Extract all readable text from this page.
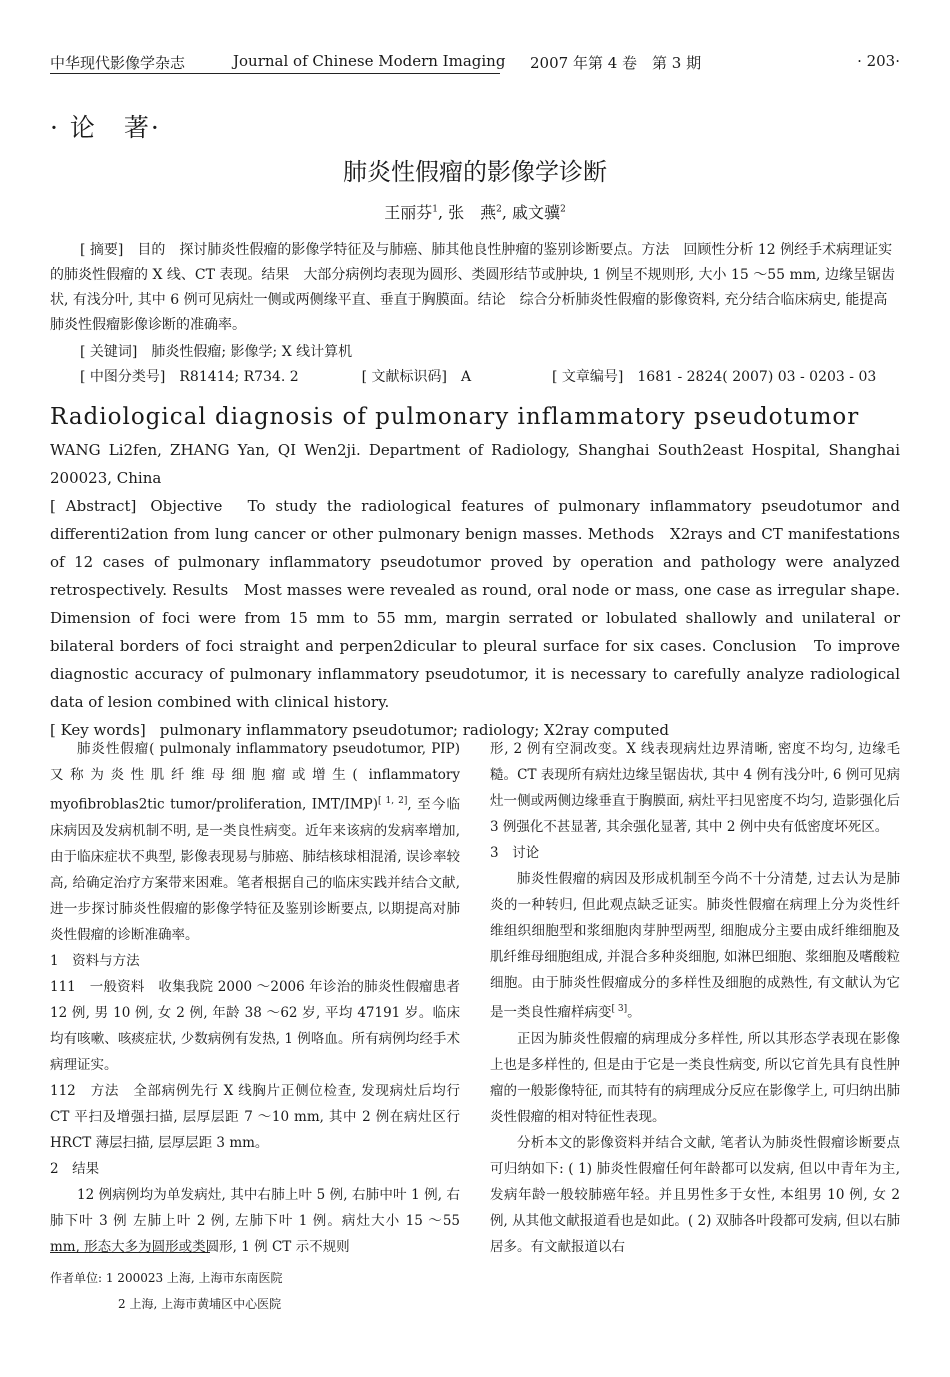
中华现代影像学杂志	Journal of Chinese Modern Imaging 2007 年第 4 卷　第 3 期	· 203·
· 论　著·
肺炎性假瘤的影像学诊断
王丽芬$^1$, 张　燕$^2$, 戚文骥$^2$

[ 摘要] 目的　探讨肺炎性假瘤的影像学特征及与肺癌、肺其他良性肿瘤的鉴别诊断要点。方法　回顾性分析 12 例经手术病理证实的肺炎性假瘤的 X 线、CT 表现。结果　大部分病例均表现为圆形、类圆形结节或肿块, 1 例呈不规则形, 大小 15 ～55 mm, 边缘呈锯齿状, 有浅分叶, 其中 6 例可见病灶一侧或两侧缘平直、垂直于胸膜面。结论　综合分析肺炎性假瘤的影像资料, 充分结合临床病史, 能提高肺炎性假瘤影像诊断的准确率。

[ 关键词] 肺炎性假瘤; 影像学; X 线计算机

[ 中图分类号] R81414; R734. 2	[ 文献标识码] A	[ 文章编号] 1681 - 2824( 2007) 03 - 0203 - 03

Radiological diagnosis of pulmonary inflammatory pseudotumor

WANG Li2fen, ZHANG Yan, QI Wen2ji. Department of Radiology, Shanghai South2east Hospital, Shanghai 200023, China

[ Abstract] Objective　To study the radiological features of pulmonary inflammatory pseudotumor and differenti2ation from lung cancer or other pulmonary benign masses. Methods　X2rays and CT manifestations of 12 cases of pulmonary inflammatory pseudotumor proved by operation and pathology were analyzed retrospectively. Results　Most masses were revealed as round, oral node or mass, one case as irregular shape. Dimension of foci were from 15 mm to 55 mm, margin serrated or lobulated shallowly and unilateral or bilateral borders of foci straight and perpen2dicular to pleural surface for six cases. Conclusion　To improve diagnostic accuracy of pulmonary inflammatory pseudotumor, it is necessary to carefully analyze radiological data of lesion combined with clinical history.

[ Key words] pulmonary inflammatory pseudotumor; radiology; X2ray computed

肺炎性假瘤( pulmonaly inflammatory pseudotumor, PIP) 又称为炎性肌纤维母细胞瘤或增生( inflammatory myofibroblas2tic tumor/proliferation, IMT/IMP)[ 1, 2], 至今临床病因及发病机制不明, 是一类良性病变。近年来该病的发病率增加, 由于临床症状不典型, 影像表现易与肺癌、肺结核球相混淆, 误诊率较高, 给确定治疗方案带来困难。笔者根据自己的临床实践并结合文献, 进一步探讨肺炎性假瘤的影像学特征及鉴别诊断要点, 以期提高对肺炎性假瘤的诊断准确率。

1　资料与方法

111　一般资料　收集我院 2000 ～2006 年诊治的肺炎性假瘤患者 12 例, 男 10 例, 女 2 例, 年龄 38 ～62 岁, 平均 47191 岁。临床均有咳嗽、咳痰症状, 少数病例有发热, 1 例咯血。所有病例均经手术病理证实。

112　方法　全部病例先行 X 线胸片正侧位检查, 发现病灶后均行 CT 平扫及增强扫描, 层厚层距 7 ～10 mm, 其中 2 例在病灶区行 HRCT 薄层扫描, 层厚层距 3 mm。

2　结果

12 例病例均为单发病灶, 其中右肺上叶 5 例, 右肺中叶 1 例, 右肺下叶 3 例 左肺上叶 2 例, 左肺下叶 1 例。病灶大小 15 ～55 mm, 形态大多为圆形或类圆形, 1 例 CT 示不规则

作者单位: 1 200023 上海, 上海市东南医院
2 上海, 上海市黄埔区中心医院

形, 2 例有空洞改变。X 线表现病灶边界清晰, 密度不均匀, 边缘毛糙。CT 表现所有病灶边缘呈锯齿状, 其中 4 例有浅分叶, 6 例可见病灶一侧或两侧边缘垂直于胸膜面, 病灶平扫见密度不均匀, 造影强化后 3 例强化不甚显著, 其余强化显著, 其中 2 例中央有低密度坏死区。

3　讨论

肺炎性假瘤的病因及形成机制至今尚不十分清楚, 过去认为是肺炎的一种转归, 但此观点缺乏证实。肺炎性假瘤在病理上分为炎性纤维组织细胞型和浆细胞肉芽肿型两型, 细胞成分主要由成纤维细胞及肌纤维母细胞组成, 并混合多种炎细胞, 如淋巴细胞、浆细胞及嗜酸粒细胞。由于肺炎性假瘤成分的多样性及细胞的成熟性, 有文献认为它是一类良性瘤样病变[ 3]。

正因为肺炎性假瘤的病理成分多样性, 所以其形态学表现在影像上也是多样性的, 但是由于它是一类良性病变, 所以它首先具有良性肿瘤的一般影像特征, 而其特有的病理成分反应在影像学上, 可归纳出肺炎性假瘤的相对特征性表现。

分析本文的影像资料并结合文献, 笔者认为肺炎性假瘤诊断要点可归纳如下: ( 1) 肺炎性假瘤任何年龄都可以发病, 但以中青年为主, 发病年龄一般较肺癌年轻。并且男性多于女性, 本组男 10 例, 女 2 例, 从其他文献报道看也是如此。( 2) 双肺各叶段都可发病, 但以右肺居多。有文献报道以右
